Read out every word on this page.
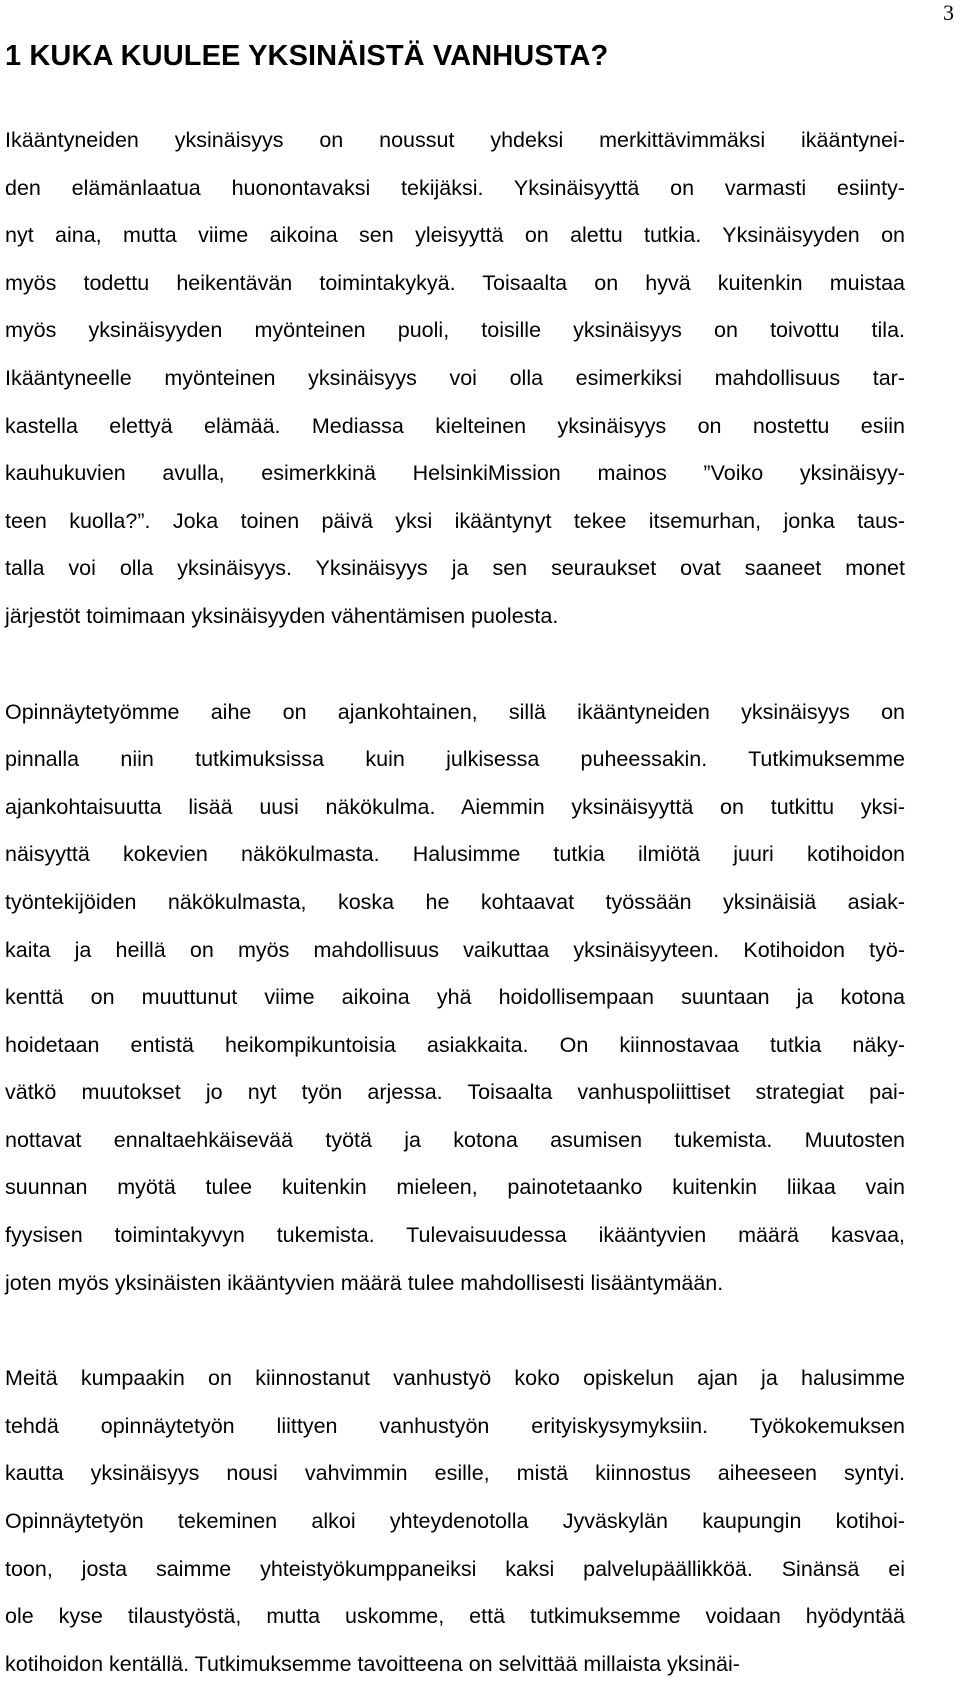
3
1 KUKA KUULEE YKSINÄISTÄ VANHUSTA?
Ikääntyneiden yksinäisyys on noussut yhdeksi merkittävimmäksi ikääntynei-
den elämänlaatua huonontavaksi tekijäksi. Yksinäisyyttä on varmasti esiinty-
nyt aina, mutta viime aikoina sen yleisyyttä on alettu tutkia. Yksinäisyyden on
myös todettu heikentävän toimintakykyä. Toisaalta on hyvä kuitenkin muistaa
myös yksinäisyyden myönteinen puoli, toisille yksinäisyys on toivottu tila.
Ikääntyneelle myönteinen yksinäisyys voi olla esimerkiksi mahdollisuus tar-
kastella elettyä elämää. Mediassa kielteinen yksinäisyys on nostettu esiin
kauhukuvien avulla, esimerkkinä HelsinkiMission mainos ”Voiko yksinäisyy-
teen kuolla?”. Joka toinen päivä yksi ikääntynyt tekee itsemurhan, jonka taus-
talla voi olla yksinäisyys. Yksinäisyys ja sen seuraukset ovat saaneet monet
järjestöt toimimaan yksinäisyyden vähentämisen puolesta.
Opinnäytetyömme aihe on ajankohtainen, sillä ikääntyneiden yksinäisyys on
pinnalla niin tutkimuksissa kuin julkisessa puheessakin. Tutkimuksemme
ajankohtaisuutta lisää uusi näkökulma. Aiemmin yksinäisyyttä on tutkittu yksi-
näisyyttä kokevien näkökulmasta. Halusimme tutkia ilmiötä juuri kotihoidon
työntekijöiden näkökulmasta, koska he kohtaavat työssään yksinäisiä asiak-
kaita ja heillä on myös mahdollisuus vaikuttaa yksinäisyyteen. Kotihoidon työ-
kenttä on muuttunut viime aikoina yhä hoidollisempaan suuntaan ja kotona
hoidetaan entistä heikompikuntoisia asiakkaita. On kiinnostavaa tutkia näky-
vätkö muutokset jo nyt työn arjessa. Toisaalta vanhuspoliittiset strategiat pai-
nottavat ennaltaehkäisevää työtä ja kotona asumisen tukemista. Muutosten
suunnan myötä tulee kuitenkin mieleen, painotetaanko kuitenkin liikaa vain
fyysisen toimintakyvyn tukemista. Tulevaisuudessa ikääntyvien määrä kasvaa,
joten myös yksinäisten ikääntyvien määrä tulee mahdollisesti lisääntymään.
Meitä kumpaakin on kiinnostanut vanhustyö koko opiskelun ajan ja halusimme
tehdä opinnäytetyön liittyen vanhustyön erityiskysymyksiin. Työkokemuksen
kautta yksinäisyys nousi vahvimmin esille, mistä kiinnostus aiheeseen syntyi.
Opinnäytetyön tekeminen alkoi yhteydenotolla Jyväskylän kaupungin kotihoi-
toon, josta saimme yhteistyökumppaneiksi kaksi palvelupäällikköä. Sinänsä ei
ole kyse tilaustyöstä, mutta uskomme, että tutkimuksemme voidaan hyödyntää
kotihoidon kentällä. Tutkimuksemme tavoitteena on selvittää millaista yksinäi-
